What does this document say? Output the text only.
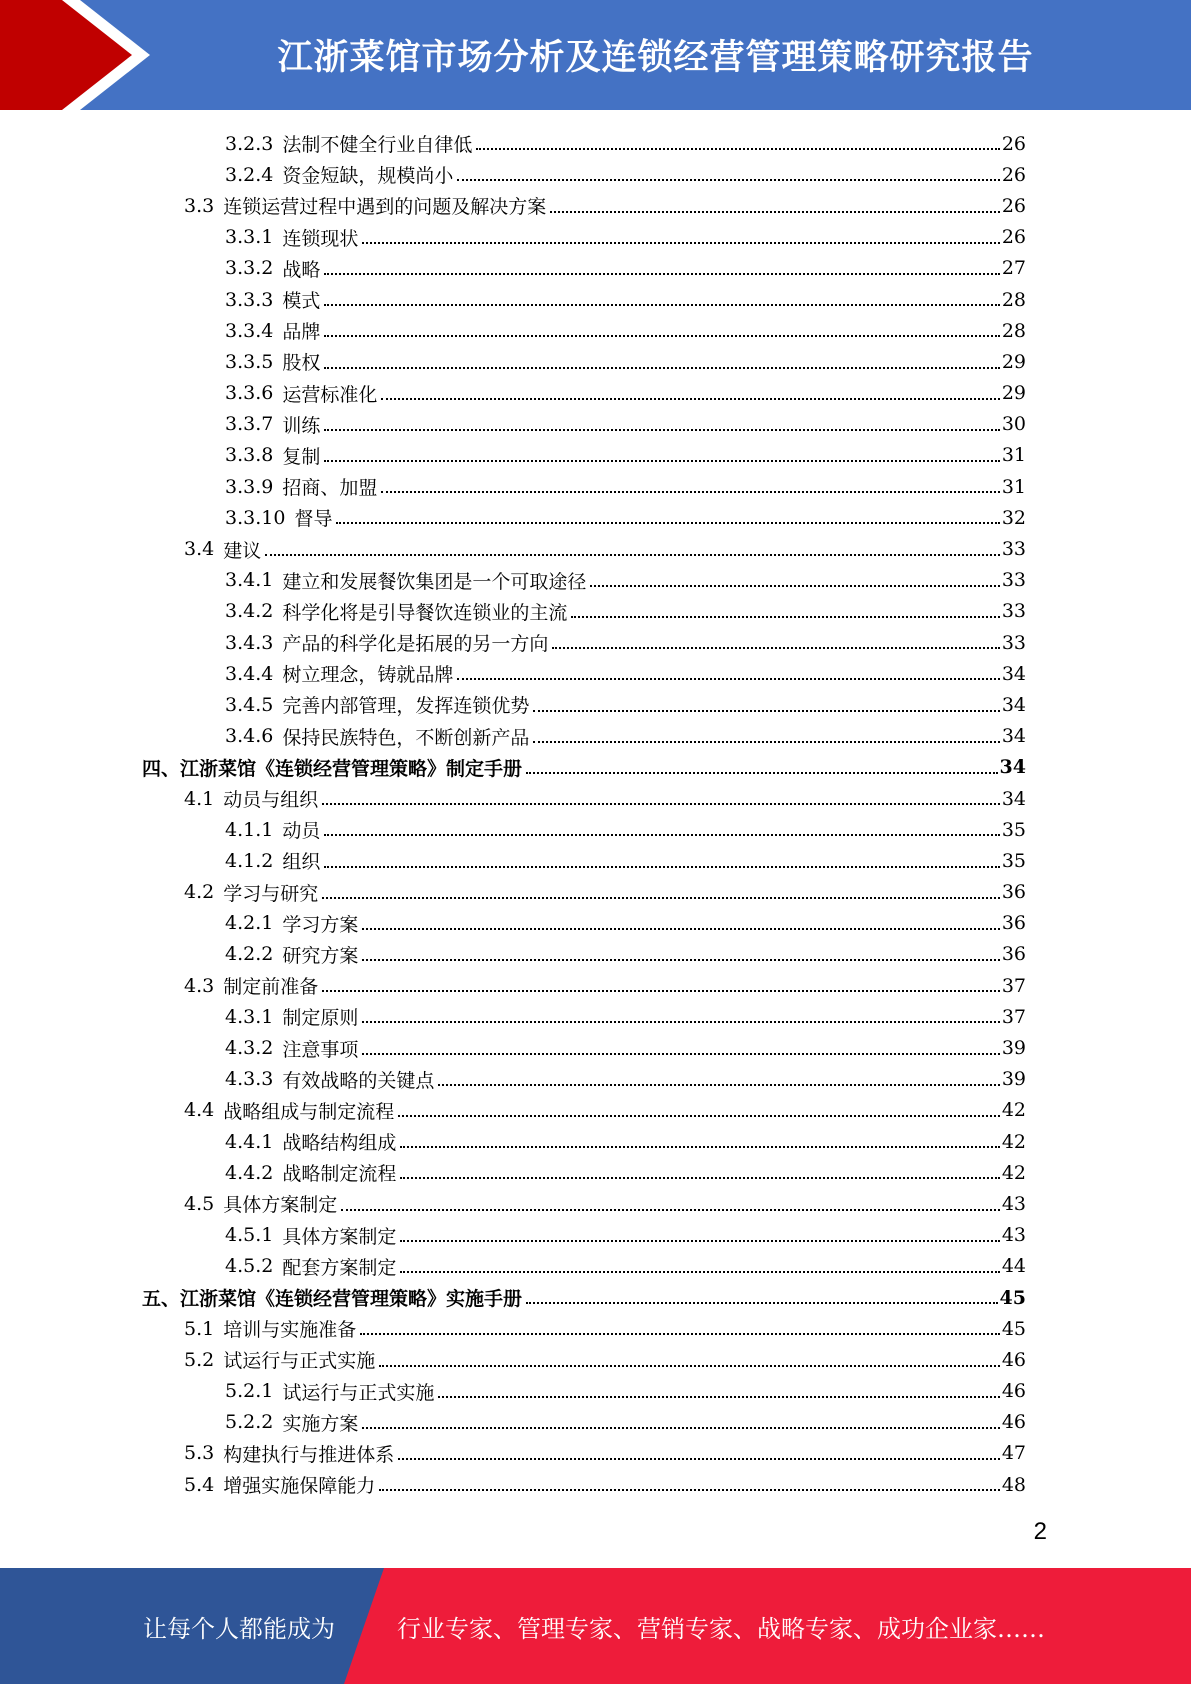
江浙菜馆市场分析及连锁经营管理策略研究报告
3.2.3 法制不健全行业自律低	26
3.2.4 资金短缺，规模尚小	26
3.3 连锁运营过程中遇到的问题及解决方案	26
3.3.1 连锁现状	26
3.3.2 战略	27
3.3.3 模式	28
3.3.4 品牌	28
3.3.5 股权	29
3.3.6 运营标准化	29
3.3.7 训练	30
3.3.8 复制	31
3.3.9 招商、加盟	31
3.3.10 督导	32
3.4 建议	33
3.4.1 建立和发展餐饮集团是一个可取途径	33
3.4.2 科学化将是引导餐饮连锁业的主流	33
3.4.3 产品的科学化是拓展的另一方向	33
3.4.4 树立理念，铸就品牌	34
3.4.5 完善内部管理，发挥连锁优势	34
3.4.6 保持民族特色，不断创新产品	34
四、江浙菜馆《连锁经营管理策略》制定手册	34
4.1 动员与组织	34
4.1.1 动员	35
4.1.2 组织	35
4.2 学习与研究	36
4.2.1 学习方案	36
4.2.2 研究方案	36
4.3 制定前准备	37
4.3.1 制定原则	37
4.3.2 注意事项	39
4.3.3 有效战略的关键点	39
4.4 战略组成与制定流程	42
4.4.1 战略结构组成	42
4.4.2 战略制定流程	42
4.5 具体方案制定	43
4.5.1 具体方案制定	43
4.5.2 配套方案制定	44
五、江浙菜馆《连锁经营管理策略》实施手册	45
5.1 培训与实施准备	45
5.2 试运行与正式实施	46
5.2.1 试运行与正式实施	46
5.2.2 实施方案	46
5.3 构建执行与推进体系	47
5.4 增强实施保障能力	48
2
让每个人都能成为	行业专家、管理专家、营销专家、战略专家、成功企业家……
